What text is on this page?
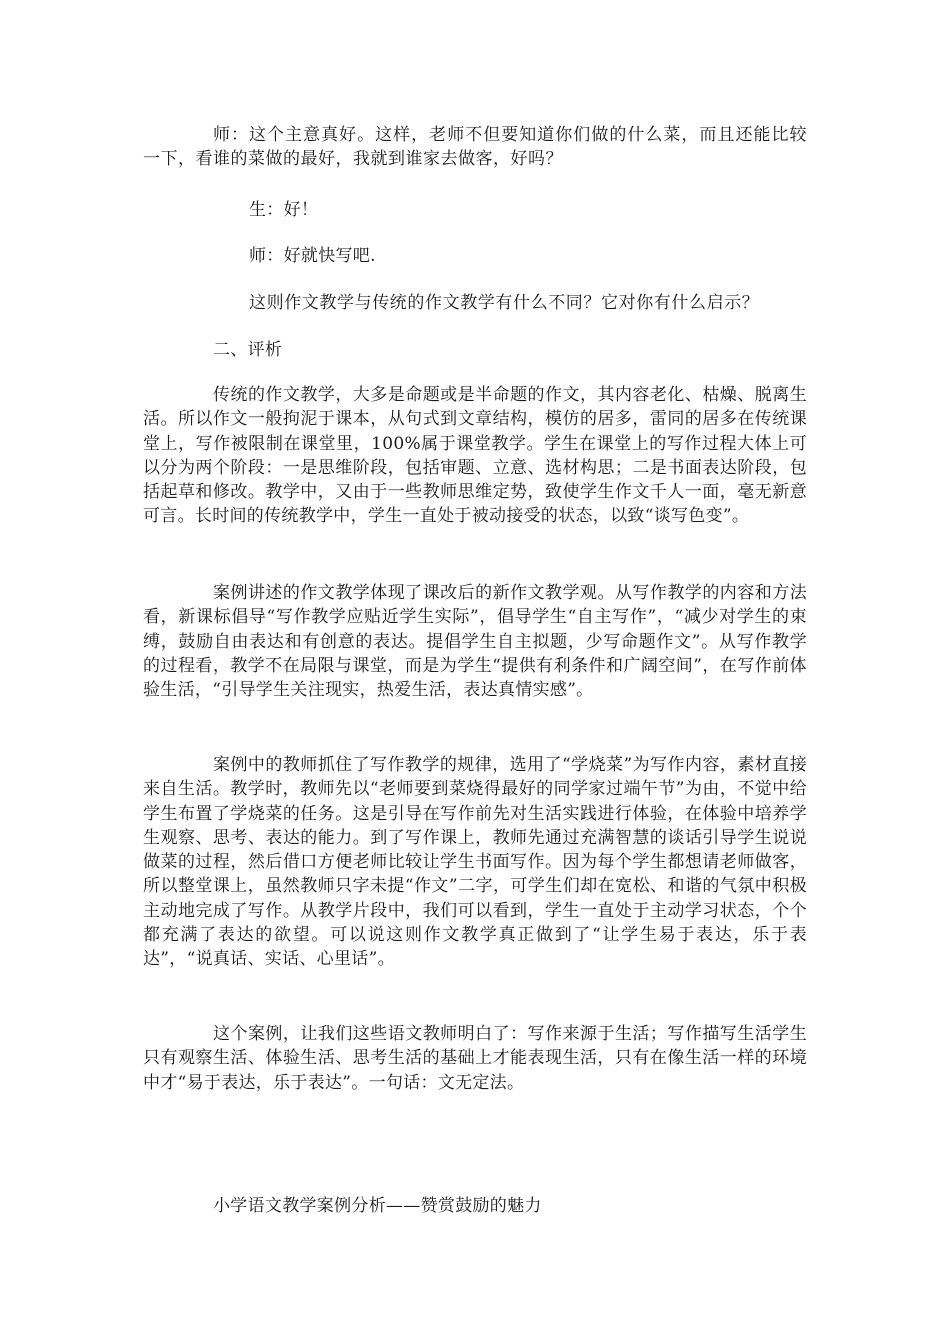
师：这个主意真好。这样，老师不但要知道你们做的什么菜，而且还能比较一下，看谁的菜做的最好，我就到谁家去做客，好吗？
生：好！
师：好就快写吧.
这则作文教学与传统的作文教学有什么不同？它对你有什么启示？
二、评析
传统的作文教学，大多是命题或是半命题的作文，其内容老化、枯燥、脱离生活。所以作文一般拘泥于课本，从句式到文章结构，模仿的居多，雷同的居多在传统课堂上，写作被限制在课堂里，100%属于课堂教学。学生在课堂上的写作过程大体上可以分为两个阶段：一是思维阶段，包括审题、立意、选材构思；二是书面表达阶段，包括起草和修改。教学中，又由于一些教师思维定势，致使学生作文千人一面，毫无新意可言。长时间的传统教学中，学生一直处于被动接受的状态，以致“谈写色变”。
案例讲述的作文教学体现了课改后的新作文教学观。从写作教学的内容和方法看，新课标倡导“写作教学应贴近学生实际”，倡导学生“自主写作”，“减少对学生的束缚，鼓励自由表达和有创意的表达。提倡学生自主拟题，少写命题作文”。从写作教学的过程看，教学不在局限与课堂，而是为学生“提供有利条件和广阔空间”，在写作前体验生活，“引导学生关注现实，热爱生活，表达真情实感”。
案例中的教师抓住了写作教学的规律，选用了“学烧菜”为写作内容，素材直接来自生活。教学时，教师先以“老师要到菜烧得最好的同学家过端午节”为由，不觉中给学生布置了学烧菜的任务。这是引导在写作前先对生活实践进行体验，在体验中培养学生观察、思考、表达的能力。到了写作课上，教师先通过充满智慧的谈话引导学生说说做菜的过程，然后借口方便老师比较让学生书面写作。因为每个学生都想请老师做客，所以整堂课上，虽然教师只字未提“作文”二字，可学生们却在宽松、和谐的气氛中积极主动地完成了写作。从教学片段中，我们可以看到，学生一直处于主动学习状态，个个都充满了表达的欲望。可以说这则作文教学真正做到了“让学生易于表达，乐于表达”，“说真话、实话、心里话”。
这个案例，让我们这些语文教师明白了：写作来源于生活；写作描写生活学生只有观察生活、体验生活、思考生活的基础上才能表现生活，只有在像生活一样的环境中才“易于表达，乐于表达”。一句话：文无定法。
小学语文教学案例分析——赞赏鼓励的魅力
